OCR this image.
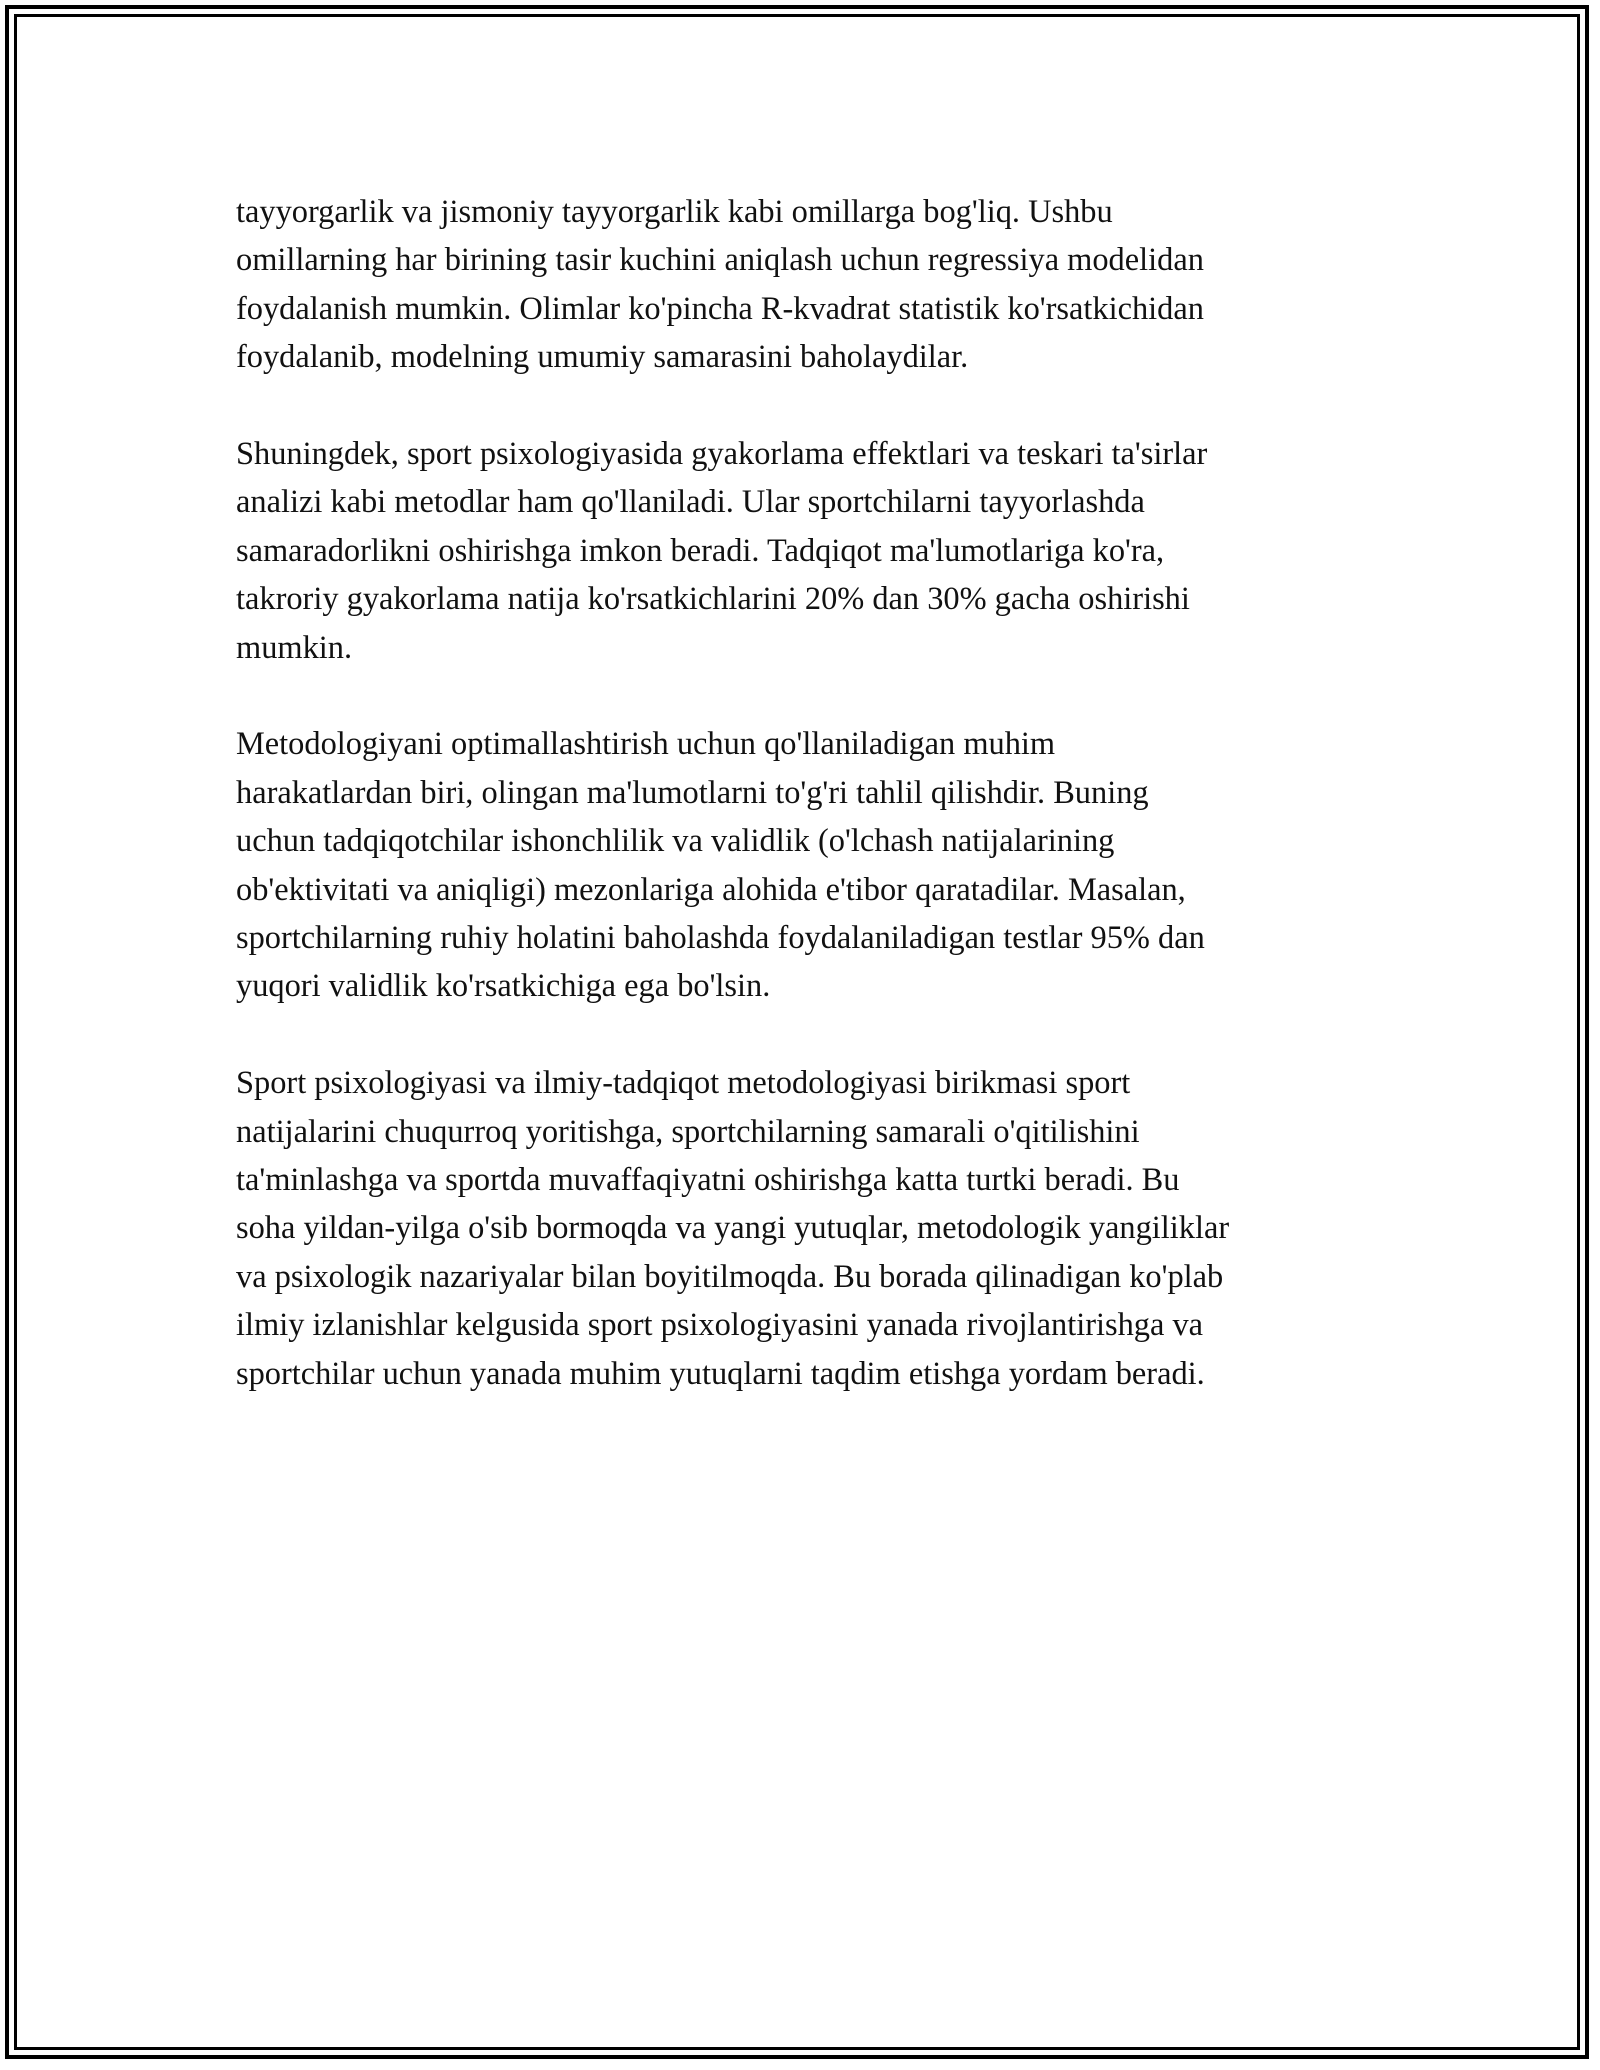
tayyorgarlik va jismoniy tayyorgarlik kabi omillarga bog'liq. Ushbu
omillarning har birining tasir kuchini aniqlash uchun regressiya modelidan
foydalanish mumkin. Olimlar ko'pincha R-kvadrat statistik ko'rsatkichidan
foydalanib, modelning umumiy samarasini baholaydilar.

Shuningdek, sport psixologiyasida gyakorlama effektlari va teskari ta'sirlar
analizi kabi metodlar ham qo'llaniladi. Ular sportchilarni tayyorlashda
samaradorlikni oshirishga imkon beradi. Tadqiqot ma'lumotlariga ko'ra,
takroriy gyakorlama natija ko'rsatkichlarini 20% dan 30% gacha oshirishi
mumkin.

Metodologiyani optimallashtirish uchun qo'llaniladigan muhim
harakatlardan biri, olingan ma'lumotlarni to'g'ri tahlil qilishdir. Buning
uchun tadqiqotchilar ishonchlilik va validlik (o'lchash natijalarining
ob'ektivitati va aniqligi) mezonlariga alohida e'tibor qaratadilar. Masalan,
sportchilarning ruhiy holatini baholashda foydalaniladigan testlar 95% dan
yuqori validlik ko'rsatkichiga ega bo'lsin.

Sport psixologiyasi va ilmiy-tadqiqot metodologiyasi birikmasi sport
natijalarini chuqurroq yoritishga, sportchilarning samarali o'qitilishini
ta'minlashga va sportda muvaffaqiyatni oshirishga katta turtki beradi. Bu
soha yildan-yilga o'sib bormoqda va yangi yutuqlar, metodologik yangiliklar
va psixologik nazariyalar bilan boyitilmoqda. Bu borada qilinadigan ko'plab
ilmiy izlanishlar kelgusida sport psixologiyasini yanada rivojlantirishga va
sportchilar uchun yanada muhim yutuqlarni taqdim etishga yordam beradi.
